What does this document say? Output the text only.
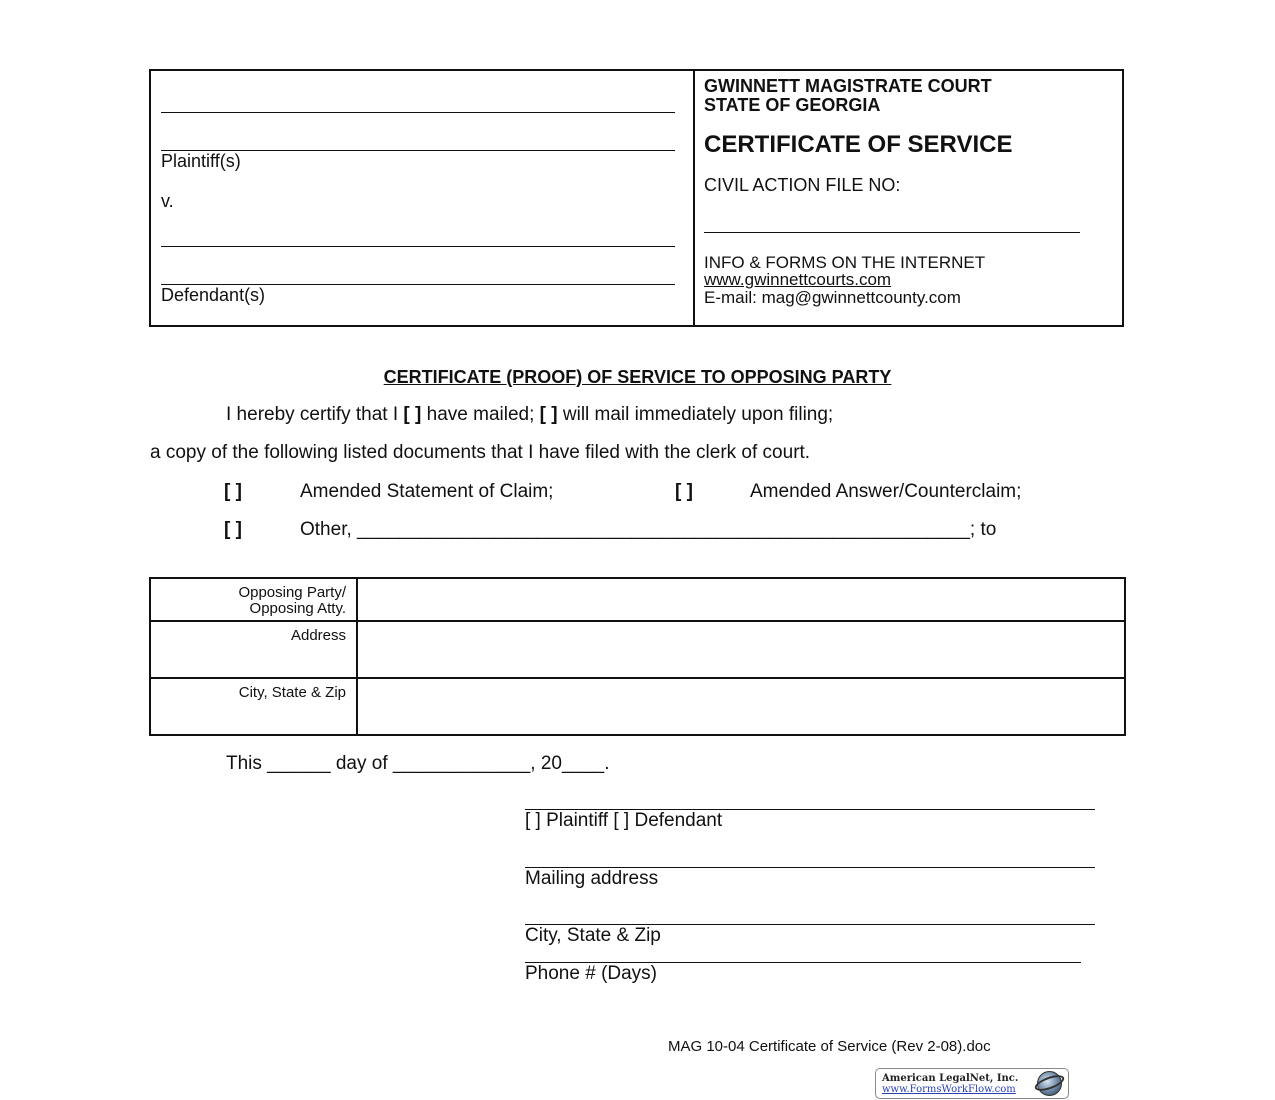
Plaintiff(s)
v.
Defendant(s)
GWINNETT MAGISTRATE COURT
STATE OF GEORGIA
CERTIFICATE OF SERVICE
CIVIL ACTION FILE NO:
INFO & FORMS ON THE INTERNET
www.gwinnettcourts.com
E-mail: mag@gwinnettcounty.com
CERTIFICATE (PROOF) OF SERVICE TO OPPOSING PARTY
I hereby certify that I [ ] have mailed; [ ] will mail immediately upon filing;
a copy of the following listed documents that I have filed with the clerk of court.
[ ]	Amended Statement of Claim;	[ ]	Amended Answer/Counterclaim;
[ ]	Other, __________________________________________________________; to
Opposing Party/
Opposing Atty.	

Address	

City, State & Zip	

This ______ day of _____________, 20____.
[ ] Plaintiff [ ] Defendant
Mailing address
City, State & Zip
Phone # (Days)
MAG 10-04 Certificate of Service (Rev 2-08).doc
American LegalNet, Inc.
www.FormsWorkFlow.com
